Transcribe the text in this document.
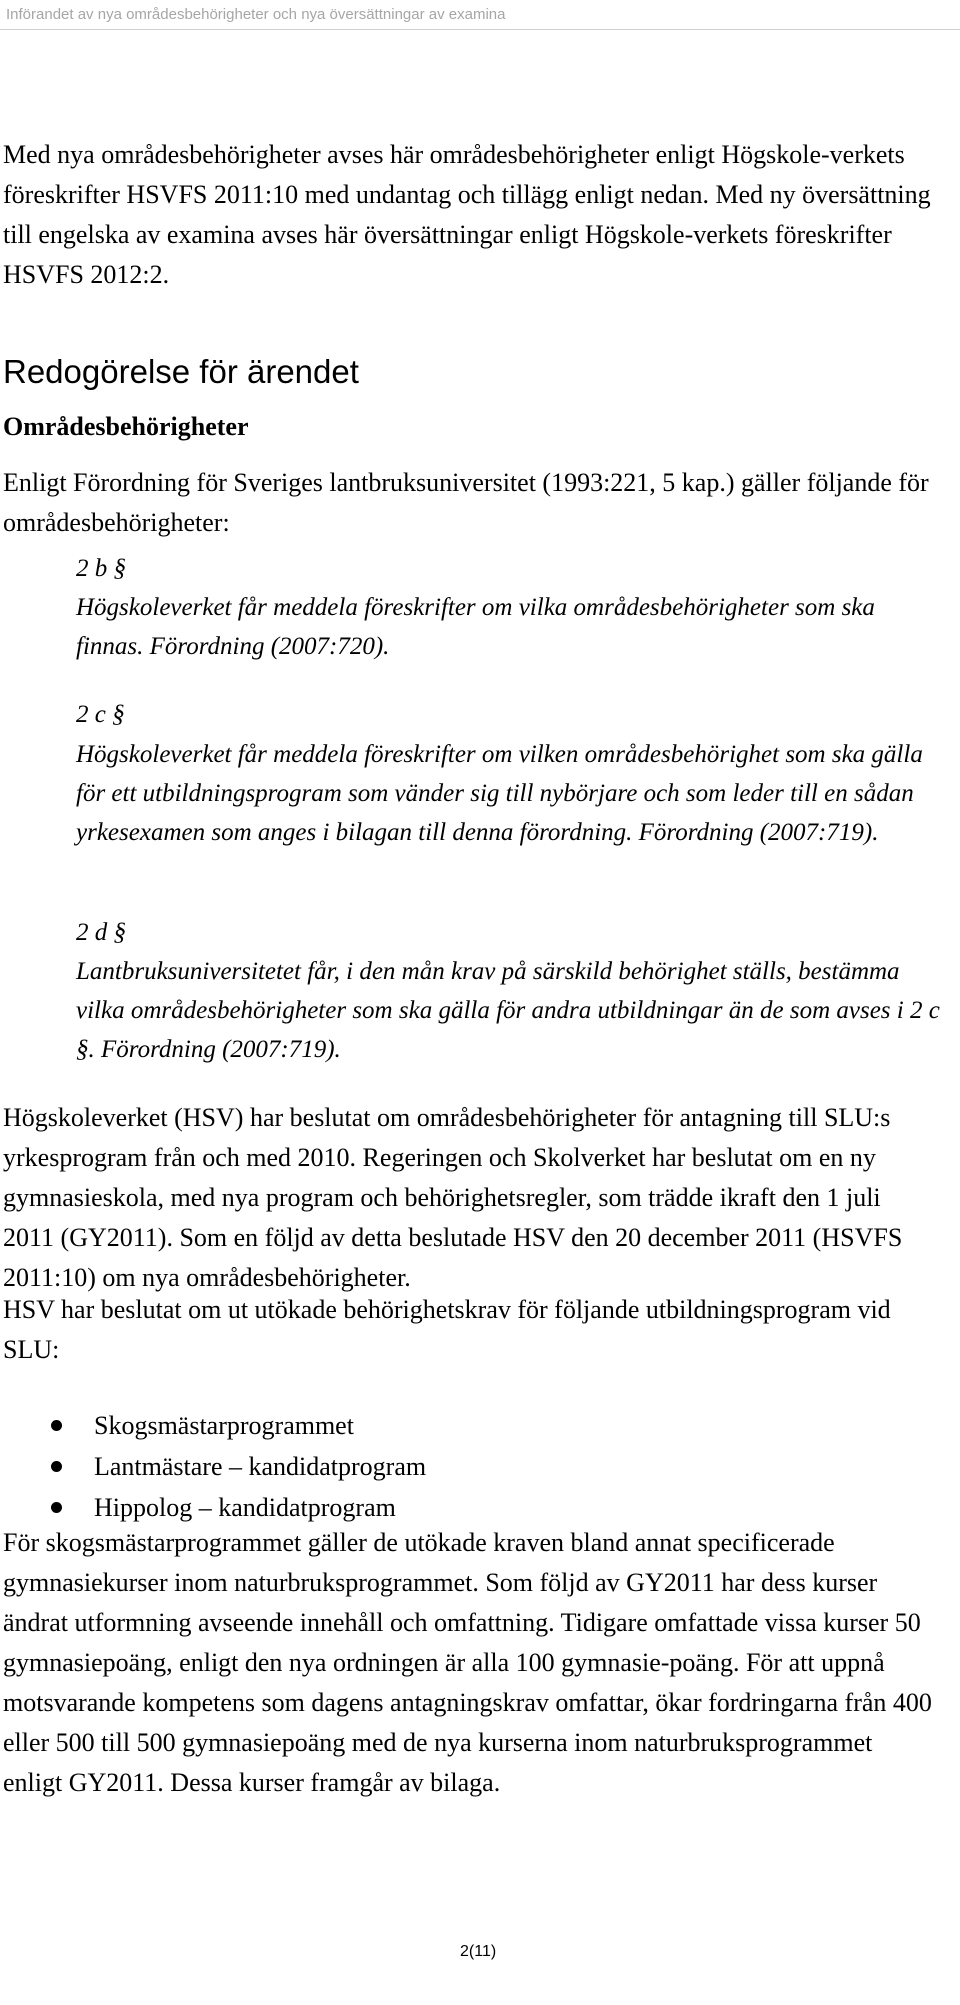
Införandet av nya områdesbehörigheter och nya översättningar av examina

Med nya områdesbehörigheter avses här områdesbehörigheter enligt Högskole-verkets föreskrifter HSVFS 2011:10 med undantag och tillägg enligt nedan. Med ny översättning till engelska av examina avses här översättningar enligt Högskole-verkets föreskrifter HSVFS 2012:2.

Redogörelse för ärendet
Områdesbehörigheter

Enligt Förordning för Sveriges lantbruksuniversitet (1993:221, 5 kap.) gäller följande för områdesbehörigheter:

2 b §

Högskoleverket får meddela föreskrifter om vilka områdesbehörigheter som ska finnas. Förordning (2007:720).

2 c §

Högskoleverket får meddela föreskrifter om vilken områdesbehörighet som ska gälla för ett utbildningsprogram som vänder sig till nybörjare och som leder till en sådan yrkesexamen som anges i bilagan till denna förordning. Förordning (2007:719).

2 d §

Lantbruksuniversitetet får, i den mån krav på särskild behörighet ställs, bestämma vilka områdesbehörigheter som ska gälla för andra utbildningar än de som avses i 2 c §. Förordning (2007:719).

Högskoleverket (HSV) har beslutat om områdesbehörigheter för antagning till SLU:s yrkesprogram från och med 2010. Regeringen och Skolverket har beslutat om en ny gymnasieskola, med nya program och behörighetsregler, som trädde ikraft den 1 juli 2011 (GY2011). Som en följd av detta beslutade HSV den 20 december 2011 (HSVFS 2011:10) om nya områdesbehörigheter.

HSV har beslutat om ut utökade behörighetskrav för följande utbildningsprogram vid SLU:

Skogsmästarprogrammet
Lantmästare – kandidatprogram
Hippolog – kandidatprogram

För skogsmästarprogrammet gäller de utökade kraven bland annat specificerade gymnasiekurser inom naturbruksprogrammet. Som följd av GY2011 har dess kurser ändrat utformning avseende innehåll och omfattning. Tidigare omfattade vissa kurser 50 gymnasiepoäng, enligt den nya ordningen är alla 100 gymnasie-poäng. För att uppnå motsvarande kompetens som dagens antagningskrav omfattar, ökar fordringarna från 400 eller 500 till 500 gymnasiepoäng med de nya kurserna inom naturbruksprogrammet enligt GY2011. Dessa kurser framgår av bilaga.

2(11)
